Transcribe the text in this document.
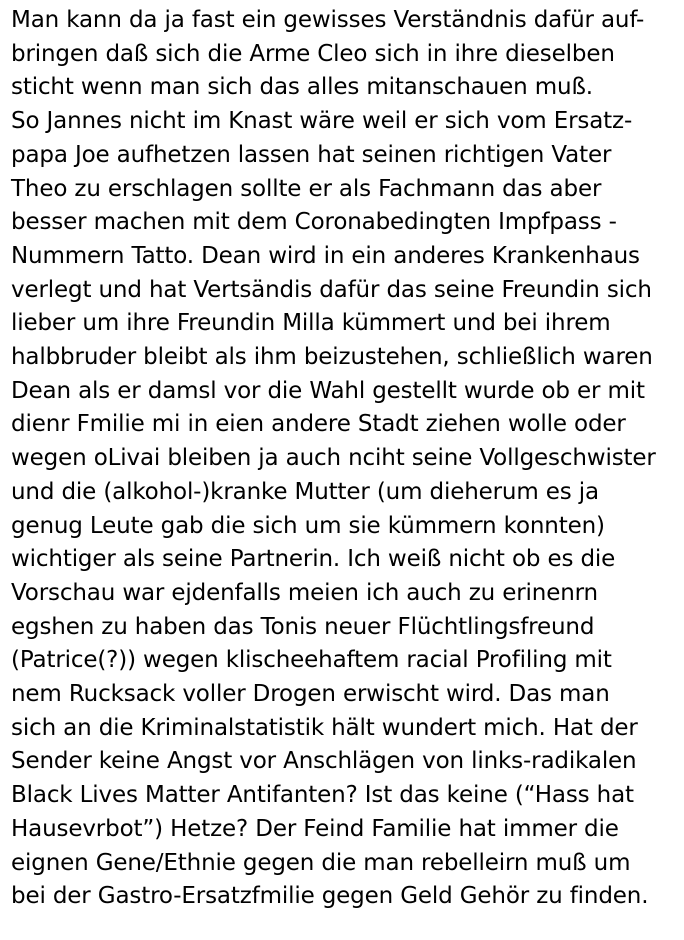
Man kann da ja fast ein gewisses Verständnis dafür auf-
bringen daß sich die Arme Cleo sich in ihre dieselben
sticht wenn man sich das alles mitanschauen muß.
So Jannes nicht im Knast wäre weil er sich vom Ersatz-
papa Joe aufhetzen lassen hat seinen richtigen Vater
Theo zu erschlagen sollte er als Fachmann das aber
besser machen mit dem Coronabedingten Impfpass -
Nummern Tatto. Dean wird in ein anderes Krankenhaus
verlegt und hat Vertsändis dafür das seine Freundin sich
lieber um ihre Freundin Milla kümmert und bei ihrem
halbbruder bleibt als ihm beizustehen, schließlich waren
Dean als er damsl vor die Wahl gestellt wurde ob er mit
dienr Fmilie mi in eien andere Stadt ziehen wolle oder
wegen oLivai bleiben ja auch nciht seine Vollgeschwister
und die (alkohol-)kranke Mutter (um dieherum es ja
genug Leute gab die sich um sie kümmern konnten)
wichtiger als seine Partnerin. Ich weiß nicht ob es die
Vorschau war ejdenfalls meien ich auch zu erinenrn
egshen zu haben das Tonis neuer Flüchtlingsfreund
(Patrice(?)) wegen klischeehaftem racial Profiling mit
nem Rucksack voller Drogen erwischt wird. Das man
sich an die Kriminalstatistik hält wundert mich. Hat der
Sender keine Angst vor Anschlägen von links-radikalen
Black Lives Matter Antifanten? Ist das keine (“Hass hat
Hausevrbot”) Hetze? Der Feind Familie hat immer die
eignen Gene/Ethnie gegen die man rebelleirn muß um
bei der Gastro-Ersatzfmilie gegen Geld Gehör zu finden.
